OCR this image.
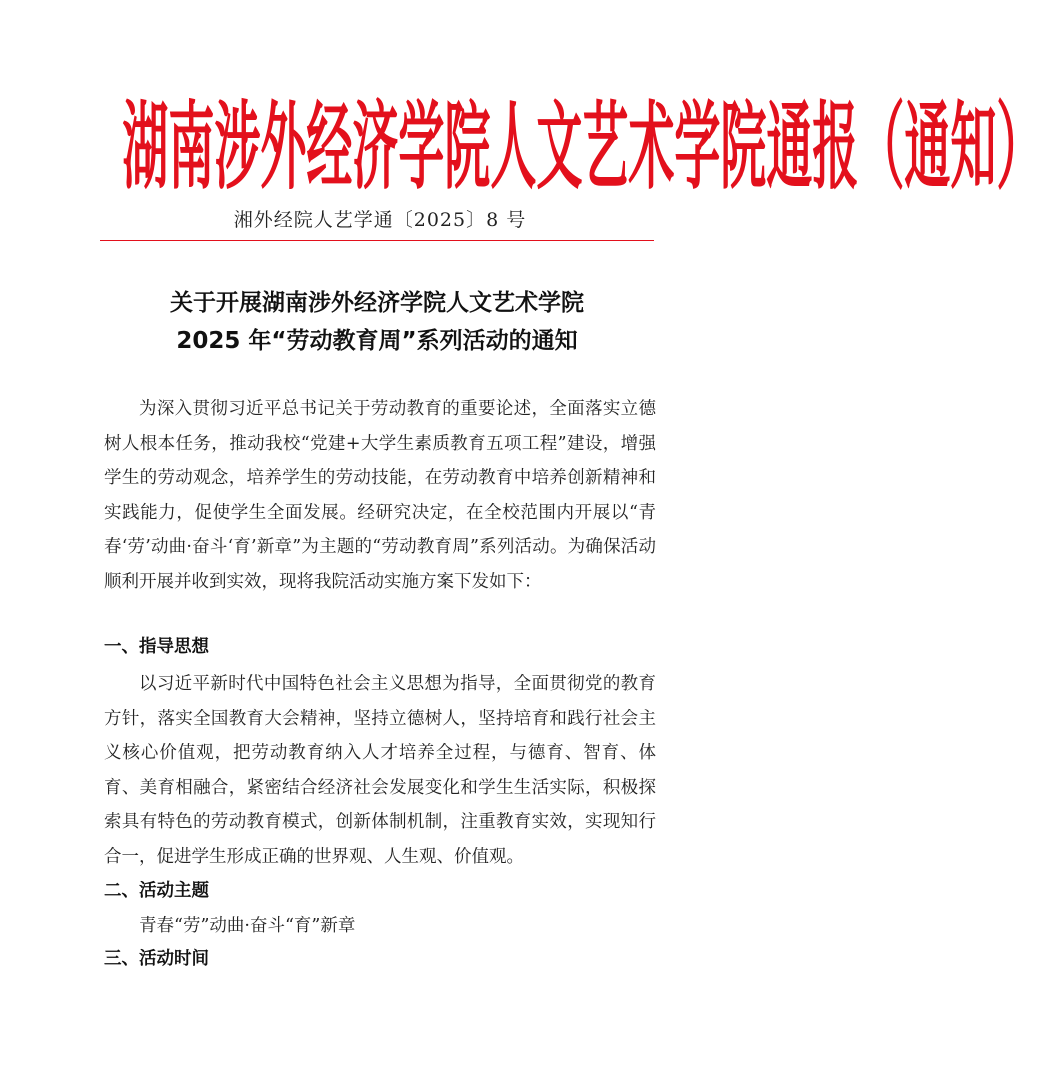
湖南涉外经济学院人文艺术学院通报（通知）
湘外经院人艺学通〔2025〕8 号
关于开展湖南涉外经济学院人文艺术学院
2025 年“劳动教育周”系列活动的通知

为深入贯彻习近平总书记关于劳动教育的重要论述，全面落实立德树人根本任务，推动我校“党建+大学生素质教育五项工程”建设，增强学生的劳动观念，培养学生的劳动技能，在劳动教育中培养创新精神和实践能力，促使学生全面发展。经研究决定，在全校范围内开展以“青春‘劳’动曲·奋斗‘育’新章”为主题的“劳动教育周”系列活动。为确保活动顺利开展并收到实效，现将我院活动实施方案下发如下：

一、指导思想

以习近平新时代中国特色社会主义思想为指导，全面贯彻党的教育方针，落实全国教育大会精神，坚持立德树人，坚持培育和践行社会主义核心价值观，把劳动教育纳入人才培养全过程，与德育、智育、体育、美育相融合，紧密结合经济社会发展变化和学生生活实际，积极探索具有特色的劳动教育模式，创新体制机制，注重教育实效，实现知行合一，促进学生形成正确的世界观、人生观、价值观。

二、活动主题

青春“劳”动曲·奋斗“育”新章

三、活动时间
